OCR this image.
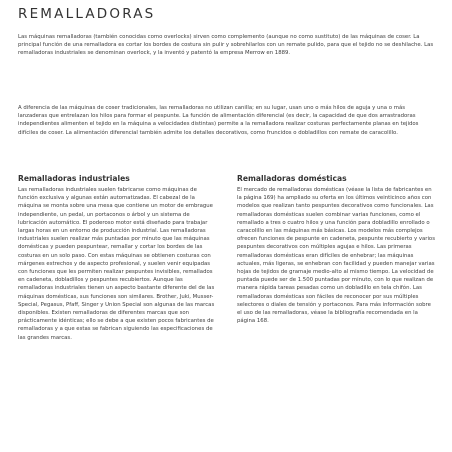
REMALLADORAS

Las máquinas remalladoras (también conocidas como overlocks) sirven como complemento (aunque no como sustituto) de las máquinas de coser. La principal función de una remalladora es cortar los bordes de costura sin pulir y sobrehilarlos con un remate pulido, para que el tejido no se deshilache. Las remalladoras industriales se denominan overlock, y la inventó y patentó la empresa Merrow en 1889.

A diferencia de las máquinas de coser tradicionales, las remalladoras no utilizan canilla; en su lugar, usan uno o más hilos de aguja y una o más lanzaderas que entrelazan los hilos para formar el pespunte. La función de alimentación diferencial (es decir, la capacidad de que dos arrastradoras independientes alimenten el tejido en la máquina a velocidades distintas) permite a la remalladora realizar costuras perfectamente planas en tejidos difíciles de coser. La alimentación diferencial también admite los detalles decorativos, como fruncidos o dobladillos con remate de caracolillo.

Remalladoras industriales

Las remalladoras industriales suelen fabricarse como máquinas de función exclusiva y algunas están automatizadas. El cabezal de la máquina se monta sobre una mesa que contiene un motor de embrague independiente, un pedal, un portaconos o árbol y un sistema de lubricación automático. El poderoso motor está diseñado para trabajar largas horas en un entorno de producción industrial. Las remalladoras industriales suelen realizar más puntadas por minuto que las máquinas domésticas y pueden pespuntear, remallar y cortar los bordes de las costuras en un solo paso. Con estas máquinas se obtienen costuras con márgenes estrechos y de aspecto profesional, y suelen venir equipadas con funciones que les permiten realizar pespuntes invisibles, remallados en cadeneta, dobladillos y pespuntes recubiertos. Aunque las remalladoras industriales tienen un aspecto bastante diferente del de las máquinas domésticas, sus funciones son similares. Brother, Juki, Musser-Special, Pegasus, Pfaff, Singer y Union Special son algunas de las marcas disponibles. Existen remalladoras de diferentes marcas que son prácticamente idénticas; ello se debe a que existen pocos fabricantes de remalladoras y a que estas se fabrican siguiendo las especificaciones de las grandes marcas.

Remalladoras domésticas

El mercado de remalladoras domésticas (véase la lista de fabricantes en la página 169) ha ampliado su oferta en los últimos veinticinco años con modelos que realizan tanto pespuntes decorativos como funcionales. Las remalladoras domésticas suelen combinar varias funciones, como el remallado a tres o cuatro hilos y una función para dobladillo enrollado o caracolillo en las máquinas más básicas. Los modelos más complejos ofrecen funciones de pespunte en cadeneta, pespunte recubierto y varios pespuntes decorativos con múltiples agujas e hilos. Las primeras remalladoras domésticas eran difíciles de enhebrar; las máquinas actuales, más ligeras, se enhebran con facilidad y pueden manejar varias hojas de tejidos de gramaje medio-alto al mismo tiempo. La velocidad de puntada puede ser de 1.500 puntadas por minuto, con lo que realizan de manera rápida tareas pesadas como un dobladillo en tela chifón. Las remalladoras domésticas son fáciles de reconocer por sus múltiples selectores o diales de tensión y portaconos. Para más información sobre el uso de las remalladoras, véase la bibliografía recomendada en la página 168.
